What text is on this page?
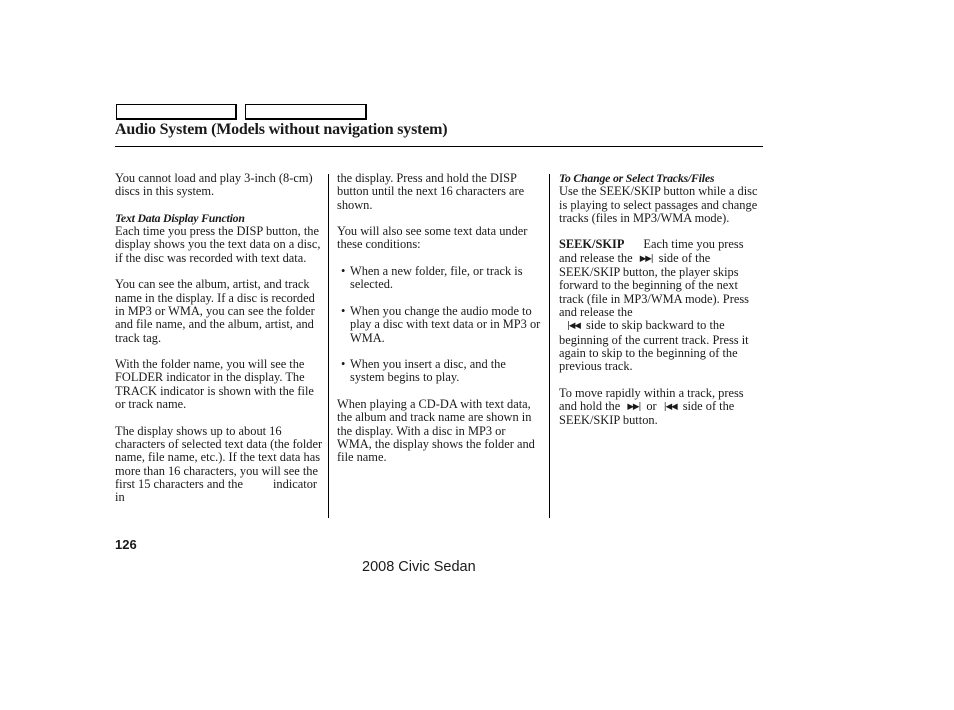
Audio System (Models without navigation system)

You cannot load and play 3-inch (8-cm) discs in this system.

Text Data Display Function

Each time you press the DISP button, the display shows you the text data on a disc, if the disc was recorded with text data.

You can see the album, artist, and track name in the display. If a disc is recorded in MP3 or WMA, you can see the folder and file name, and the album, artist, and track tag.

With the folder name, you will see the FOLDER indicator in the display. The TRACK indicator is shown with the file or track name.

The display shows up to about 16 characters of selected text data (the folder name, file name, etc.). If the text data has more than 16 characters, you will see the first 15 characters and the indicator in

the display. Press and hold the DISP button until the next 16 characters are shown.

You will also see some text data under these conditions:

• When a new folder, file, or track is selected.
• When you change the audio mode to play a disc with text data or in MP3 or WMA.
• When you insert a disc, and the system begins to play.

When playing a CD-DA with text data, the album and track name are shown in the display. With a disc in MP3 or WMA, the display shows the folder and file name.

To Change or Select Tracks/Files

Use the SEEK/SKIP button while a disc is playing to select passages and change tracks (files in MP3/WMA mode).

SEEK/SKIP Each time you press and release the ▶▶| side of the SEEK/SKIP button, the player skips forward to the beginning of the next track (file in MP3/WMA mode). Press and release the
|◀◀ side to skip backward to the beginning of the current track. Press it again to skip to the beginning of the previous track.

To move rapidly within a track, press and hold the ▶▶| or |◀◀ side of the SEEK/SKIP button.

126
2008 Civic Sedan
